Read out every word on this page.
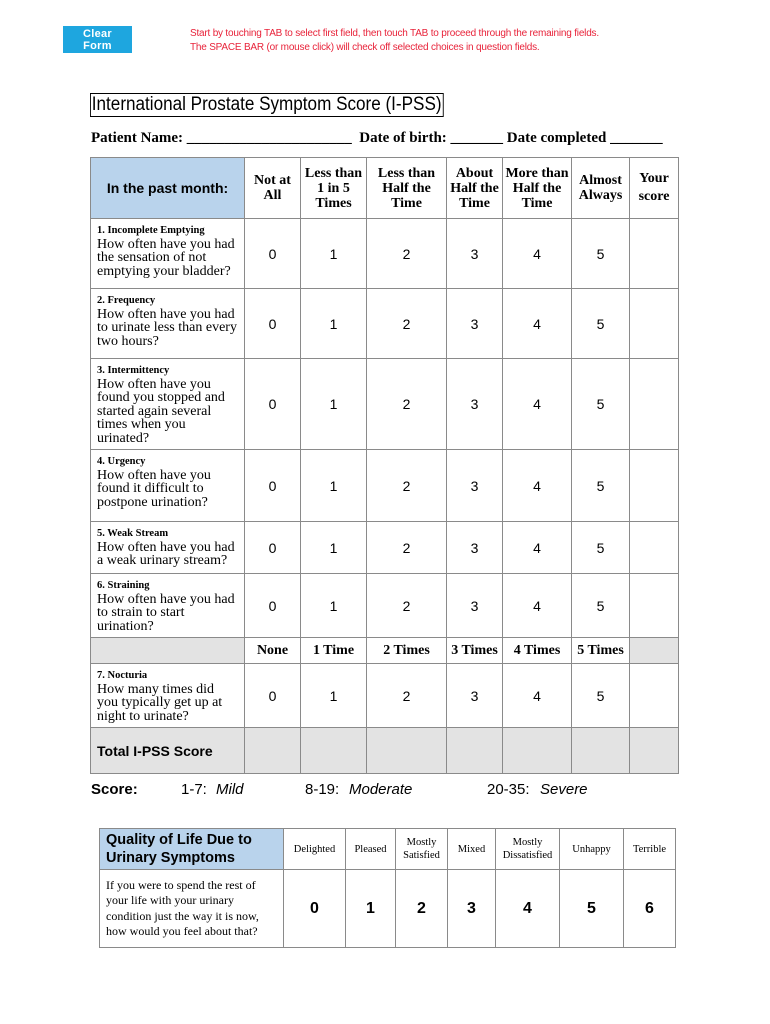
Clear Form
Start by touching TAB to select first field, then touch TAB to proceed through the remaining fields.
The SPACE BAR (or mouse click) will check off selected choices in question fields.
International Prostate Symptom Score (I-PSS)
Patient Name: ______________________  Date of birth: _______ Date completed _______
In the past month:	Not at All	Less than 1 in 5 Times	Less than Half the Time	About Half the Time	More than Half the Time	Almost Always	Your score
1. Incomplete Emptying
How often have you had the sensation of not emptying your bladder?	0	1	2	3	4	5	
2. Frequency
How often have you had to urinate less than every two hours?	0	1	2	3	4	5	
3. Intermittency
How often have you found you stopped and started again several times when you urinated?	0	1	2	3	4	5	
4. Urgency
How often have you found it difficult to postpone urination?	0	1	2	3	4	5	
5. Weak Stream
How often have you had a weak urinary stream?	0	1	2	3	4	5	
6. Straining
How often have you had to strain to start urination?	0	1	2	3	4	5	
	None	1 Time	2 Times	3 Times	4 Times	5 Times	
7. Nocturia
How many times did you typically get up at night to urinate?	0	1	2	3	4	5	
Total I-PSS Score							
Score:	1-7: Mild	8-19: Moderate	20-35: Severe
Quality of Life Due to Urinary Symptoms	Delighted	Pleased	Mostly Satisfied	Mixed	Mostly Dissatisfied	Unhappy	Terrible
If you were to spend the rest of your life with your urinary condition just the way it is now, how would you feel about that?	0	1	2	3	4	5	6
